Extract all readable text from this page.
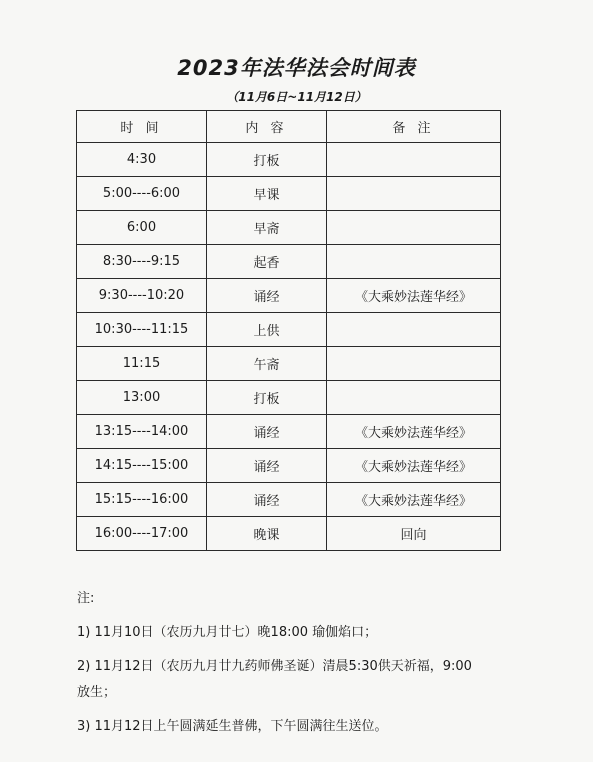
2023年法华法会时间表
（11月6日~11月12日）
时 间	内 容	备 注
4:30	打板	
5:00----6:00	早课	
6:00	早斋	
8:30----9:15	起香	
9:30----10:20	诵经	《大乘妙法莲华经》
10:30----11:15	上供	
11:15	午斋	
13:00	打板	
13:15----14:00	诵经	《大乘妙法莲华经》
14:15----15:00	诵经	《大乘妙法莲华经》
15:15----16:00	诵经	《大乘妙法莲华经》
16:00----17:00	晚课	回向

注:

1) 11月10日（农历九月廿七）晚18:00 瑜伽焰口；

2) 11月12日（农历九月廿九药师佛圣诞）清晨5:30供天祈福，9:00

放生；

3) 11月12日上午圆满延生普佛，下午圆满往生送位。
